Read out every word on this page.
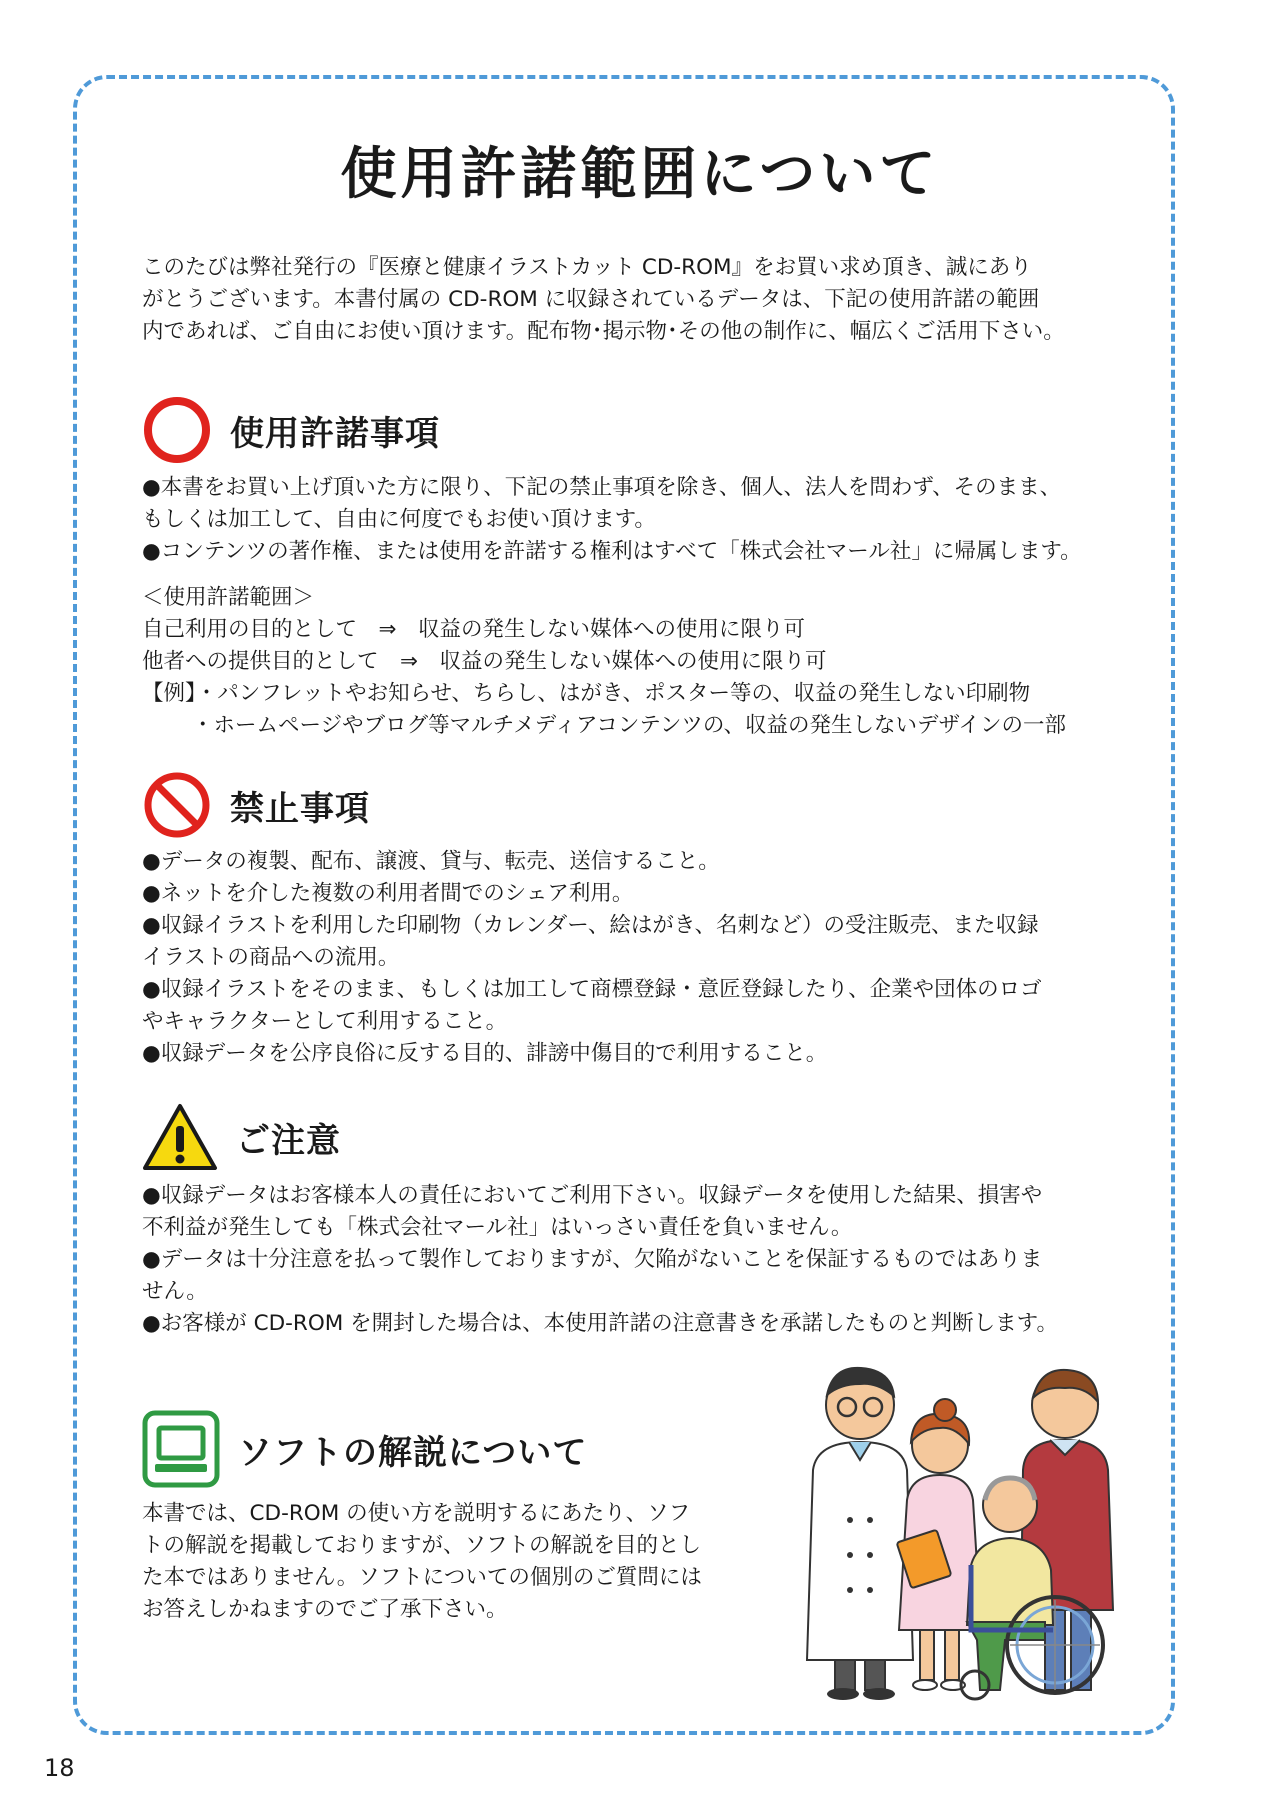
使用許諾範囲について

このたびは弊社発行の『医療と健康イラストカット CD-ROM』をお買い求め頂き、誠にあり

がとうございます。本書付属の CD-ROM に収録されているデータは、下記の使用許諾の範囲

内であれば、ご自由にお使い頂けます。配布物･掲示物･その他の制作に、幅広くご活用下さい。

使用許諾事項

●本書をお買い上げ頂いた方に限り、下記の禁止事項を除き、個人、法人を問わず、そのまま、

もしくは加工して、自由に何度でもお使い頂けます。

●コンテンツの著作権、または使用を許諾する権利はすべて「株式会社マール社」に帰属します。

＜使用許諾範囲＞

自己利用の目的として　⇒　収益の発生しない媒体への使用に限り可

他者への提供目的として　⇒　収益の発生しない媒体への使用に限り可

【例】・パンフレットやお知らせ、ちらし、はがき、ポスター等の、収益の発生しない印刷物

・ホームページやブログ等マルチメディアコンテンツの、収益の発生しないデザインの一部

禁止事項

●データの複製、配布、譲渡、貸与、転売、送信すること。

●ネットを介した複数の利用者間でのシェア利用。

●収録イラストを利用した印刷物（カレンダー、絵はがき、名刺など）の受注販売、また収録

イラストの商品への流用。

●収録イラストをそのまま、もしくは加工して商標登録・意匠登録したり、企業や団体のロゴ

やキャラクターとして利用すること。

●収録データを公序良俗に反する目的、誹謗中傷目的で利用すること。

ご注意

●収録データはお客様本人の責任においてご利用下さい。収録データを使用した結果、損害や

不利益が発生しても「株式会社マール社」はいっさい責任を負いません。

●データは十分注意を払って製作しておりますが、欠陥がないことを保証するものではありま

せん。

●お客様が CD-ROM を開封した場合は、本使用許諾の注意書きを承諾したものと判断します。

ソフトの解説について

本書では、CD-ROM の使い方を説明するにあたり、ソフ

トの解説を掲載しておりますが、ソフトの解説を目的とし

た本ではありません。ソフトについての個別のご質問には

お答えしかねますのでご了承下さい。

18
